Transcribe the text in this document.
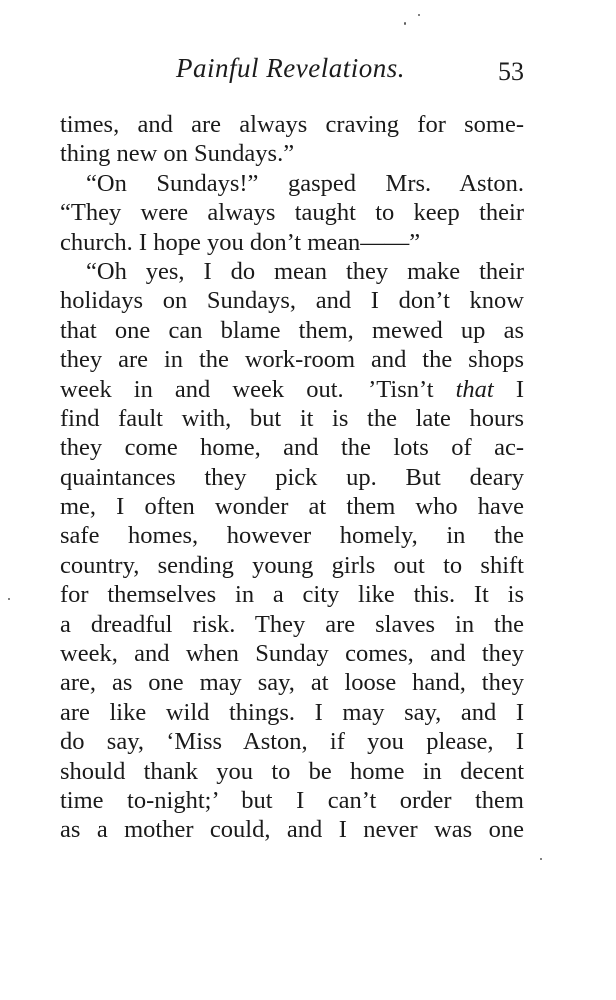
Painful Revelations.	53
times, and are always craving for some-
thing new on Sundays.”
“On Sundays!” gasped Mrs. Aston.
“They were always taught to keep their
church. I hope you don’t mean——”
“Oh yes, I do mean they make their
holidays on Sundays, and I don’t know
that one can blame them, mewed up as
they are in the work-room and the shops
week in and week out.  ’Tisn’t that I
find fault with, but it is the late hours
they come home, and the lots of ac-
quaintances they pick up. But deary
me, I often wonder at them who have
safe homes, however homely, in the
country, sending young girls out to shift
for themselves in a city like this. It is
a dreadful risk. They are slaves in the
week, and when Sunday comes, and they
are, as one may say, at loose hand, they
are like wild things. I may say, and I
do say, ‘Miss Aston, if you please, I
should thank you to be home in decent
time to-night;’ but I can’t order them
as a mother could, and I never was one
